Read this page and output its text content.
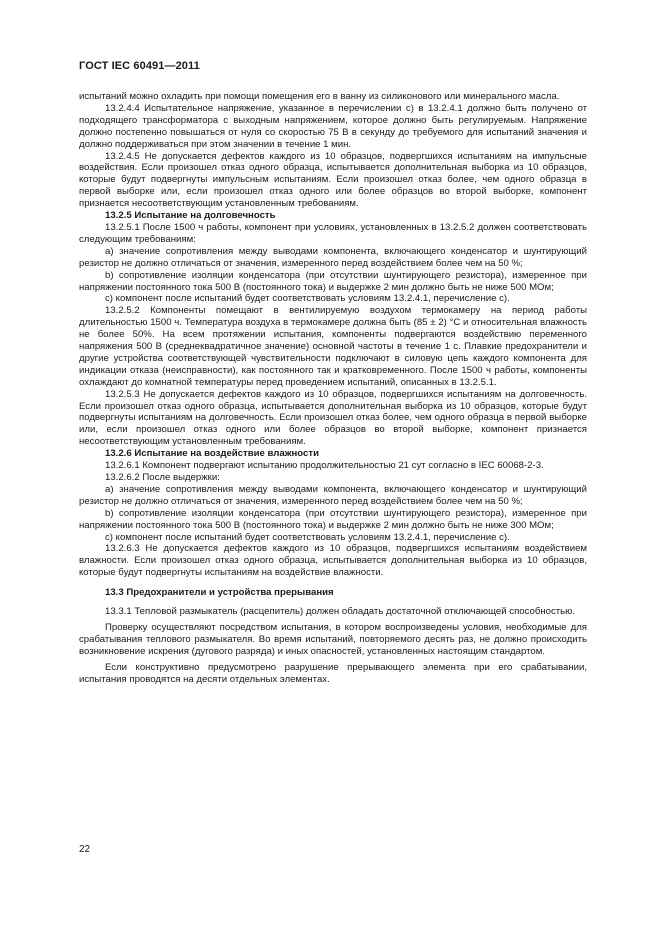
ГОСТ IEC 60491—2011

испытаний можно охладить при помощи помещения его в ванну из силиконового или минерального масла.

13.2.4.4 Испытательное напряжение, указанное в перечислении с) в 13.2.4.1 должно быть получено от подходящего трансформатора с выходным напряжением, которое должно быть регулируемым. Напряжение должно постепенно повышаться от нуля со скоростью 75 В в секунду до требуемого для испытаний значения и должно поддерживаться при этом значении в течение 1 мин.

13.2.4.5 Не допускается дефектов каждого из 10 образцов, подвергшихся испытаниям на импульсные воздействия. Если произошел отказ одного образца, испытывается дополнительная выборка из 10 образцов, которые будут подвергнуты импульсным испытаниям. Если произошел отказ более, чем одного образца в первой выборке или, если произошел отказ одного или более образцов во второй выборке, компонент признается несоответствующим установленным требованиям.

13.2.5 Испытание на долговечность

13.2.5.1 После 1500 ч работы, компонент при условиях, установленных в 13.2.5.2 должен соответствовать следующим требованиям:

а) значение сопротивления между выводами компонента, включающего конденсатор и шунтирующий резистор не должно отличаться от значения, измеренного перед воздействием более чем на 50 %;

b) сопротивление изоляции конденсатора (при отсутствии шунтирующего резистора), измеренное при напряжении постоянного тока 500 В (постоянного тока) и выдержке 2 мин должно быть не ниже 500 МОм;

с) компонент после испытаний будет соответствовать условиям 13.2.4.1, перечисление с).

13.2.5.2 Компоненты помещают в вентилируемую воздухом термокамеру на период работы длительностью 1500 ч. Температура воздуха в термокамере должна быть (85 ± 2) °С и относительная влажность не более 50%. На всем протяжении испытания, компоненты подвергаются воздействию переменного напряжения 500 В (среднеквадратичное значение) основной частоты в течение 1 с. Плавкие предохранители и другие устройства соответствующей чувствительности подключают в силовую цепь каждого компонента для индикации отказа (неисправности), как постоянного так и кратковременного. После 1500 ч работы, компоненты охлаждают до комнатной температуры перед проведением испытаний, описанных в 13.2.5.1.

13.2.5.3 Не допускается дефектов каждого из 10 образцов, подвергшихся испытаниям на долговечность. Если произошел отказ одного образца, испытывается дополнительная выборка из 10 образцов, которые будут подвергнуты испытаниям на долговечность. Если произошел отказ более, чем одного образца в первой выборке или, если произошел отказ одного или более образцов во второй выборке, компонент признается несоответствующим установленным требованиям.

13.2.6 Испытание на воздействие влажности

13.2.6.1 Компонент подвергают испытанию продолжительностью 21 сут согласно в IEC 60068-2-3.

13.2.6.2 После выдержки:

а) значение сопротивления между выводами компонента, включающего конденсатор и шунтирующий резистор не должно отличаться от значения, измеренного перед воздействием более чем на 50 %;

b) сопротивление изоляции конденсатора (при отсутствии шунтирующего резистора), измеренное при напряжении постоянного тока 500 В (постоянного тока) и выдержке 2 мин должно быть не ниже 300 МОм;

с) компонент после испытаний будет соответствовать условиям 13.2.4.1, перечисление с).

13.2.6.3 Не допускается дефектов каждого из 10 образцов, подвергшихся испытаниям воздействием влажности. Если произошел отказ одного образца, испытывается дополнительная выборка из 10 образцов, которые будут подвергнуты испытаниям на воздействие влажности.

13.3 Предохранители и устройства прерывания

13.3.1 Тепловой размыкатель (расцепитель) должен обладать достаточной отключающей способностью.

Проверку осуществляют посредством испытания, в котором воспроизведены условия, необходимые для срабатывания теплового размыкателя. Во время испытаний, повторяемого десять раз, не должно происходить возникновение искрения (дугового разряда) и иных опасностей, установленных настоящим стандартом.

Если конструктивно предусмотрено разрушение прерывающего элемента при его срабатывании, испытания проводятся на десяти отдельных элементах.

22
